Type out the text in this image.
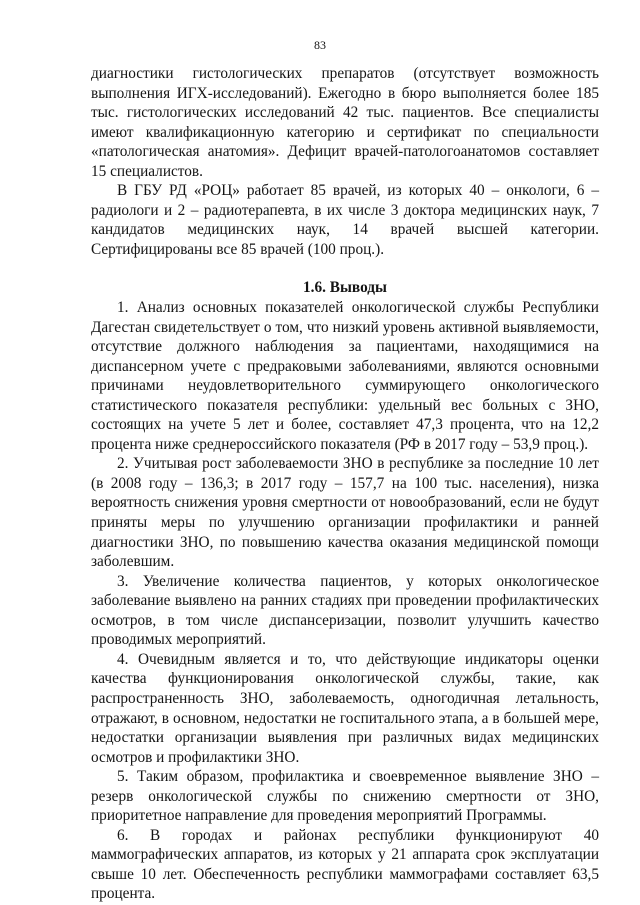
83

диагностики гистологических препаратов (отсутствует возможность выполнения ИГХ-исследований). Ежегодно в бюро выполняется более 185 тыс. гистологических исследований 42 тыс. пациентов. Все специалисты имеют квалификационную категорию и сертификат по специальности «патологическая анатомия». Дефицит врачей-патологоанатомов составляет 15 специалистов.

В ГБУ РД «РОЦ» работает 85 врачей, из которых 40 – онкологи, 6 – радиологи и 2 – радиотерапевта, в их числе 3 доктора медицинских наук, 7 кандидатов медицинских наук, 14 врачей высшей категории. Сертифицированы все 85 врачей (100 проц.).

1.6. Выводы

1. Анализ основных показателей онкологической службы Республики Дагестан свидетельствует о том, что низкий уровень активной выявляемости, отсутствие должного наблюдения за пациентами, находящимися на диспансерном учете с предраковыми заболеваниями, являются основными причинами неудовлетворительного суммирующего онкологического статистического показателя республики: удельный вес больных с ЗНО, состоящих на учете 5 лет и более, составляет 47,3 процента, что на 12,2 процента ниже среднероссийского показателя (РФ в 2017 году – 53,9 проц.).

2. Учитывая рост заболеваемости ЗНО в республике за последние 10 лет (в 2008 году – 136,3; в 2017 году – 157,7 на 100 тыс. населения), низка вероятность снижения уровня смертности от новообразований, если не будут приняты меры по улучшению организации профилактики и ранней диагностики ЗНО, по повышению качества оказания медицинской помощи заболевшим.

3. Увеличение количества пациентов, у которых онкологическое заболевание выявлено на ранних стадиях при проведении профилактических осмотров, в том числе диспансеризации, позволит улучшить качество проводимых мероприятий.

4. Очевидным является и то, что действующие индикаторы оценки качества функционирования онкологической службы, такие, как распространенность ЗНО, заболеваемость, одногодичная летальность, отражают, в основном, недостатки не госпитального этапа, а в большей мере, недостатки организации выявления при различных видах медицинских осмотров и профилактики ЗНО.

5. Таким образом, профилактика и своевременное выявление ЗНО – резерв онкологической службы по снижению смертности от ЗНО, приоритетное направление для проведения мероприятий Программы.

6. В городах и районах республики функционируют 40 маммографических аппаратов, из которых у 21 аппарата срок эксплуатации свыше 10 лет. Обеспеченность республики маммографами составляет 63,5 процента.
